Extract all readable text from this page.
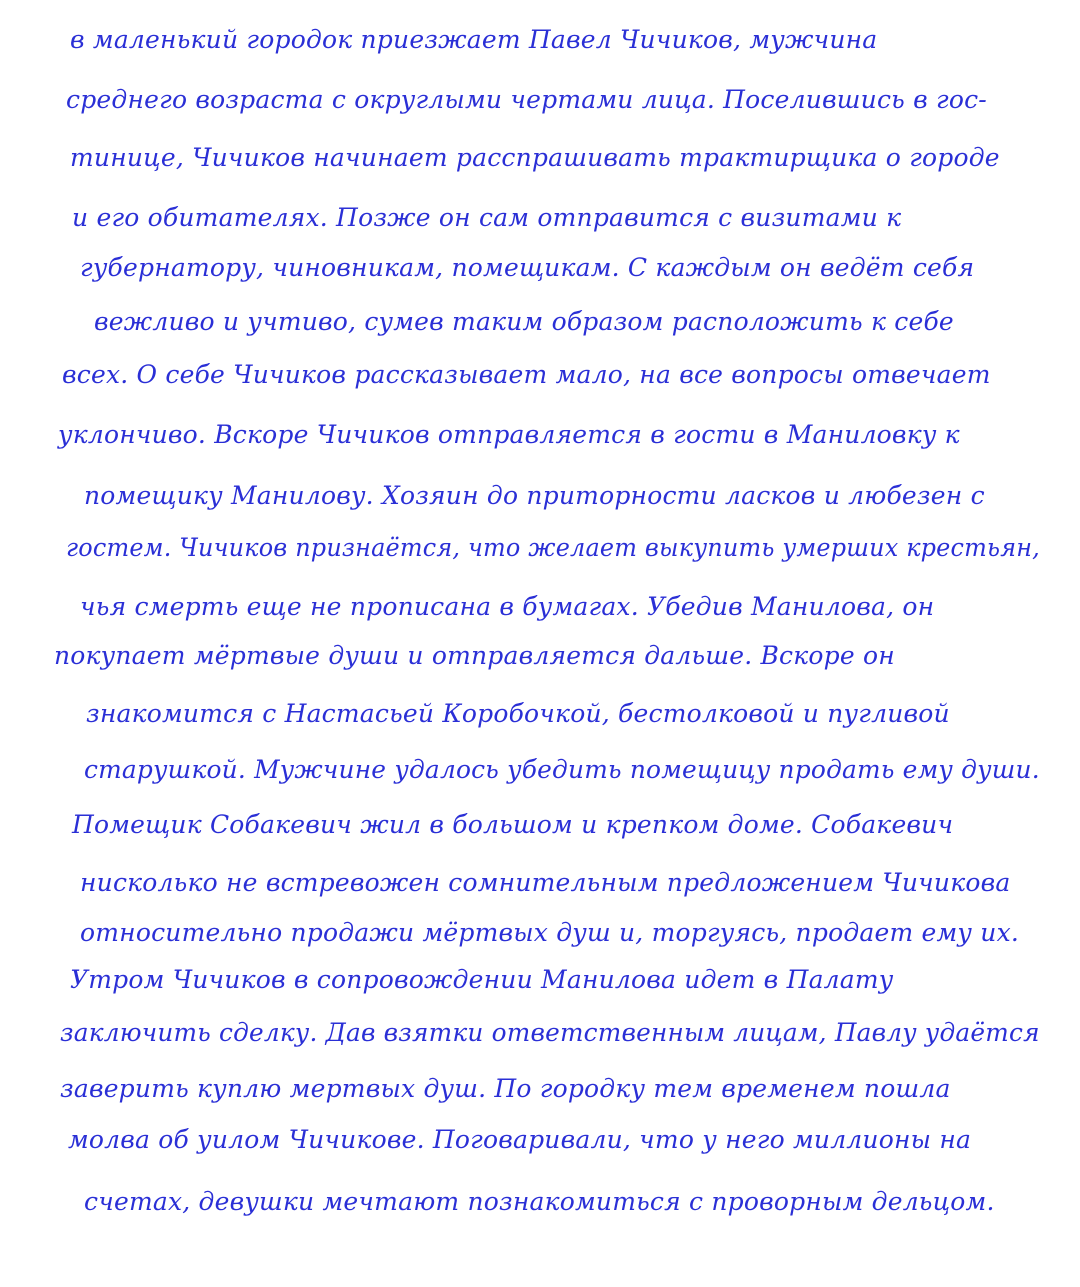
в маленький городок приезжает Павел Чичиков, мужчина
среднего возраста с округлыми чертами лица. Поселившись в гос-
тинице, Чичиков начинает расспрашивать трактирщика о городе
и его обитателях. Позже он сам отправится с визитами к
губернатору, чиновникам, помещикам. С каждым он ведёт себя
вежливо и учтиво, сумев таким образом расположить к себе
всех. О себе Чичиков рассказывает мало, на все вопросы отвечает
уклончиво. Вскоре Чичиков отправляется в гости в Маниловку к
помещику Манилову. Хозяин до приторности ласков и любезен с
гостем. Чичиков признаётся, что желает выкупить умерших крестьян,
чья смерть еще не прописана в бумагах. Убедив Манилова, он
покупает мёртвые души и отправляется дальше. Вскоре он
знакомится с Настасьей Коробочкой, бестолковой и пугливой
старушкой. Мужчине удалось убедить помещицу продать ему души.
Помещик Собакевич жил в большом и крепком доме. Собакевич
нисколько не встревожен сомнительным предложением Чичикова
относительно продажи мёртвых душ и, торгуясь, продает ему их.
Утром Чичиков в сопровождении Манилова идет в Палату
заключить сделку. Дав взятки ответственным лицам, Павлу удаётся
заверить куплю мертвых душ. По городку тем временем пошла
молва об уилом Чичикове. Поговаривали, что у него миллионы на
счетах, девушки мечтают познакомиться с проворным дельцом.
